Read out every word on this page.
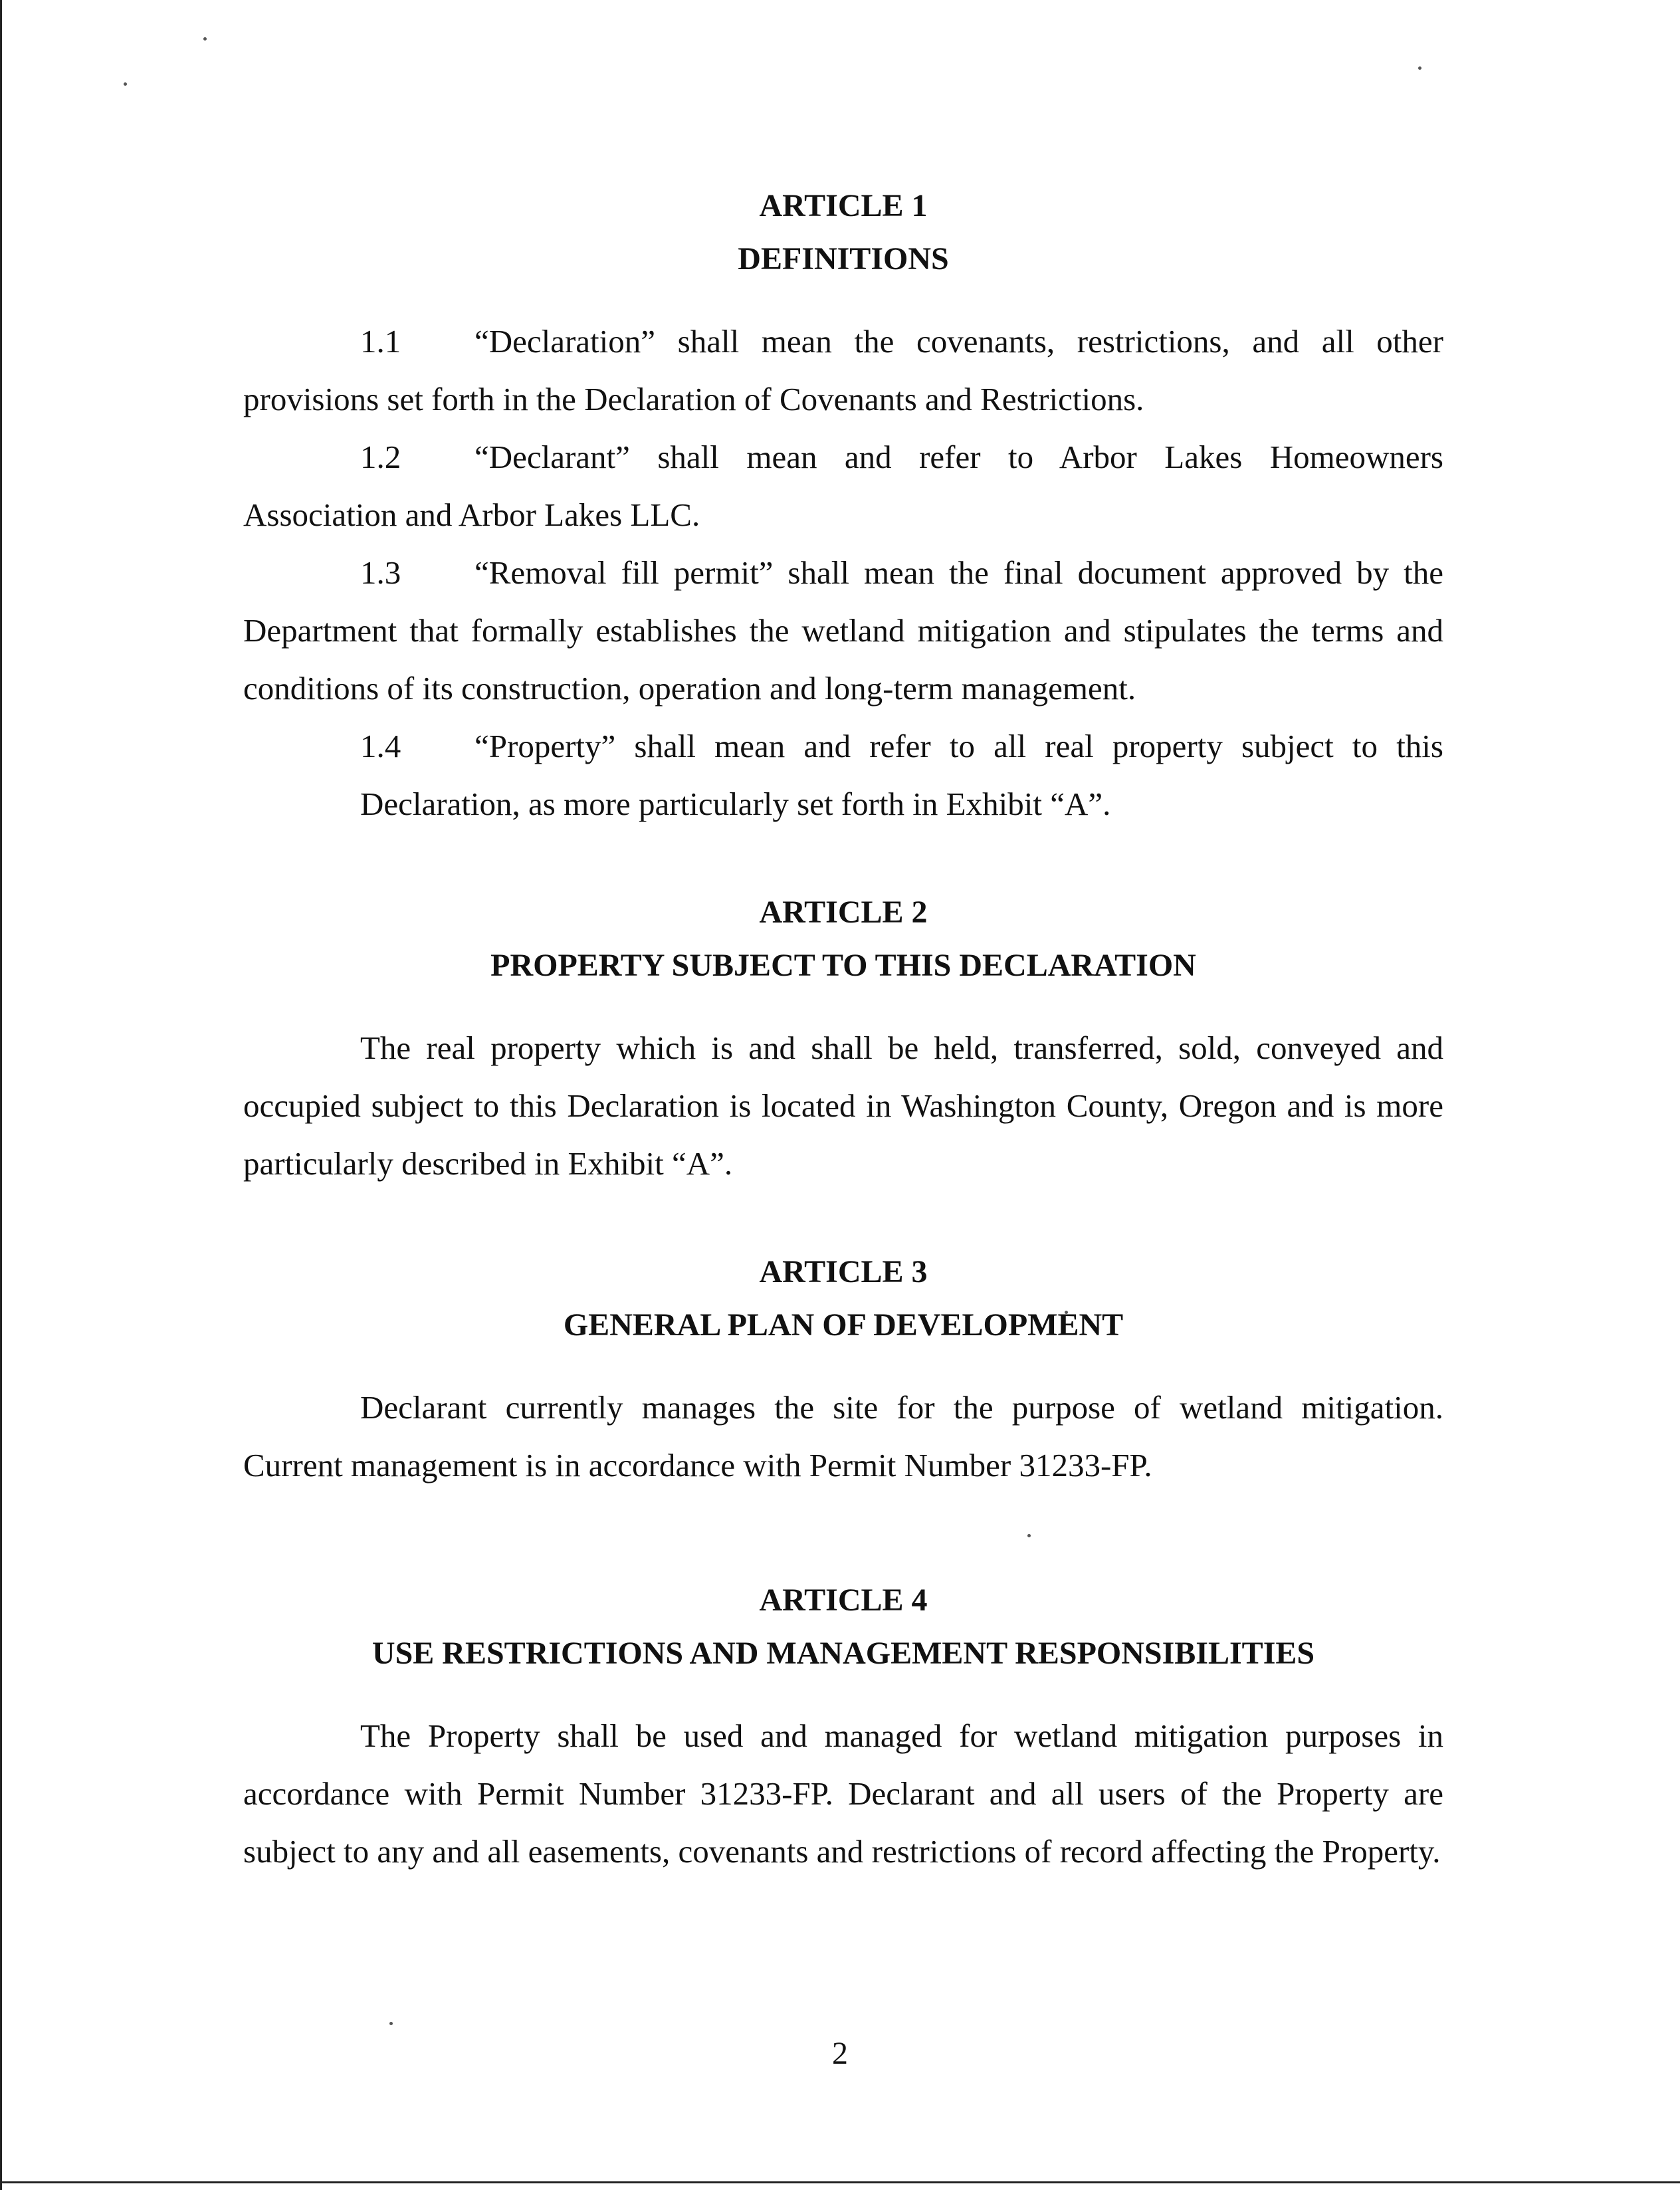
ARTICLE 1

DEFINITIONS

1.1 “Declaration” shall mean the covenants, restrictions, and all other provisions set forth in the Declaration of Covenants and Restrictions.

1.2 “Declarant” shall mean and refer to Arbor Lakes Homeowners Association and Arbor Lakes LLC.

1.3 “Removal fill permit” shall mean the final document approved by the Department that formally establishes the wetland mitigation and stipulates the terms and conditions of its construction, operation and long-term management.

1.4 “Property” shall mean and refer to all real property subject to this Declaration, as more particularly set forth in Exhibit “A”.

ARTICLE 2

PROPERTY SUBJECT TO THIS DECLARATION

The real property which is and shall be held, transferred, sold, conveyed and occupied subject to this Declaration is located in Washington County, Oregon and is more particularly described in Exhibit “A”.

ARTICLE 3

GENERAL PLAN OF DEVELOPMENT

Declarant currently manages the site for the purpose of wetland mitigation. Current management is in accordance with Permit Number 31233-FP.

ARTICLE 4

USE RESTRICTIONS AND MANAGEMENT RESPONSIBILITIES

The Property shall be used and managed for wetland mitigation purposes in accordance with Permit Number 31233-FP. Declarant and all users of the Property are subject to any and all easements, covenants and restrictions of record affecting the Property.

2
